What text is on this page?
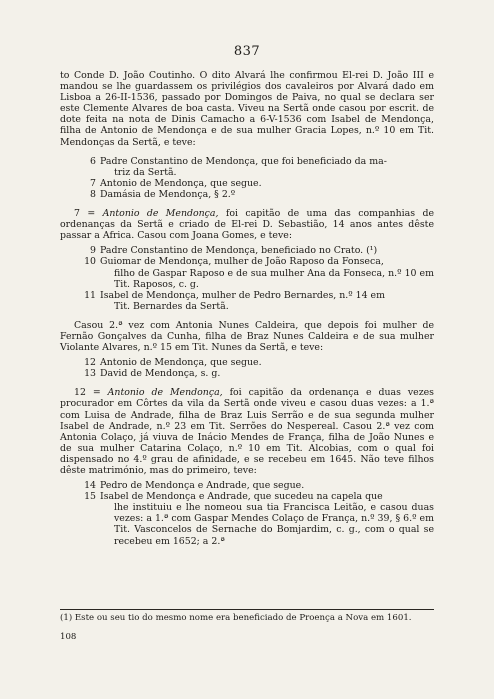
837

to Conde D. João Coutinho. O dito Alvará lhe confirmou El-rei D. João III e mandou se lhe guardassem os privilégios dos cavaleiros por Alvará dado em Lisboa a 26-II-1536, passado por Domingos de Paiva, no qual se declara ser este Clemente Alvares de boa casta. Viveu na Sertã onde casou por escrit. de dote feita na nota de Dinis Camacho a 6-V-1536 com Isabel de Mendonça, filha de Antonio de Mendonça e de sua mulher Gracia Lopes, n.º 10 em Tit. Mendonças da Sertã, e teve:

6 Padre Constantino de Mendonça, que foi beneficiado da ma-
triz da Sertã.

7 Antonio de Mendonça, que segue.

8 Damásia de Mendonça, § 2.º

7 = Antonio de Mendonça, foi capitão de uma das companhias de ordenanças da Sertã e criado de El-rei D. Sebastião, 14 anos antes dêste passar a Africa. Casou com Joana Gomes, e teve:

9 Padre Constantino de Mendonça, beneficiado no Crato. (¹)

10 Guiomar de Mendonça, mulher de João Raposo da Fonseca,
filho de Gaspar Raposo e de sua mulher Ana da Fonseca, n.º 10 em Tit. Raposos, c. g.

11 Isabel de Mendonça, mulher de Pedro Bernardes, n.º 14 em
Tit. Bernardes da Sertã.

Casou 2.ª vez com Antonia Nunes Caldeira, que depois foi mulher de Fernão Gonçalves da Cunha, filha de Braz Nunes Caldeira e de sua mulher Violante Alvares, n.º 15 em Tit. Nunes da Sertã, e teve:

12 Antonio de Mendonça, que segue.

13 David de Mendonça, s. g.

12 = Antonio de Mendonça, foi capitão da ordenança e duas vezes procurador em Côrtes da vila da Sertã onde viveu e casou duas vezes: a 1.ª com Luisa de Andrade, filha de Braz Luis Serrão e de sua segunda mulher Isabel de Andrade, n.º 23 em Tit. Serrões do Nespereal. Casou 2.ª vez com Antonia Colaço, já viuva de Inácio Mendes de França, filha de João Nunes e de sua mulher Catarina Colaço, n.º 10 em Tit. Alcobias, com o qual foi dispensado no 4.º grau de afinidade, e se recebeu em 1645. Não teve filhos dêste matrimónio, mas do primeiro, teve:

14 Pedro de Mendonça e Andrade, que segue.

15 Isabel de Mendonça e Andrade, que sucedeu na capela que
lhe instituiu e lhe nomeou sua tia Francisca Leitão, e casou duas vezes: a 1.ª com Gaspar Mendes Colaço de França, n.º 39, § 6.º em Tit. Vasconcelos de Sernache do Bomjardim, c. g., com o qual se recebeu em 1652; a 2.ª

(1) Este ou seu tio do mesmo nome era beneficiado de Proença a Nova em 1601.
108
